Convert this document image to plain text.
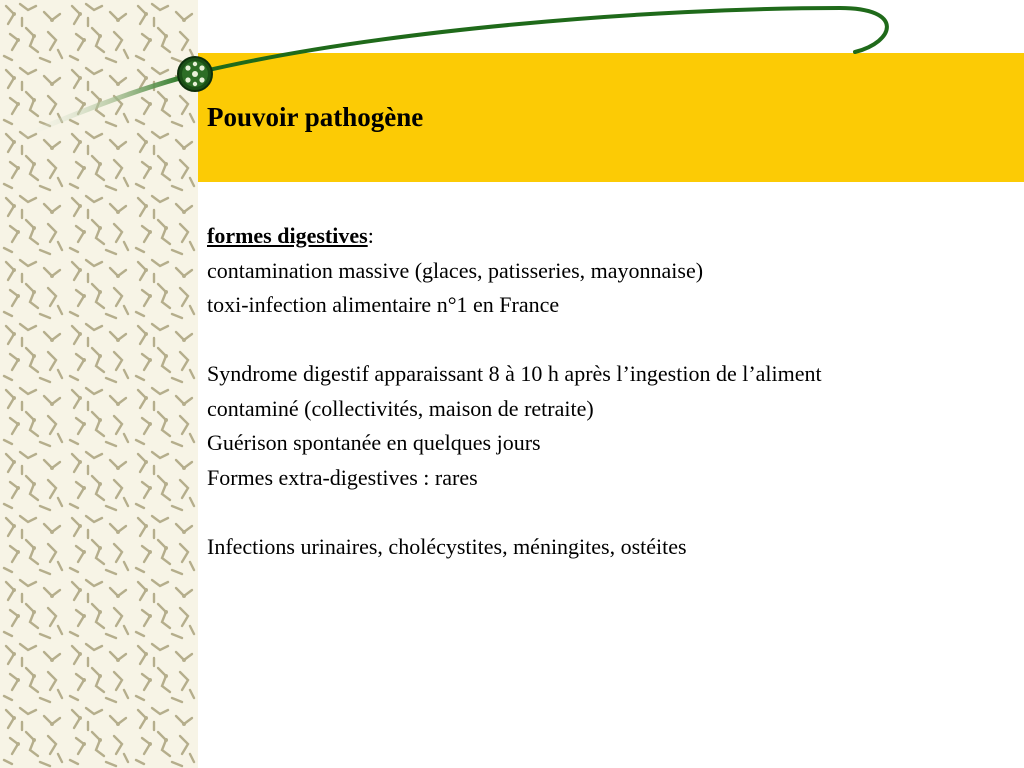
Pouvoir pathogène

formes digestives:

contamination massive (glaces, patisseries, mayonnaise)

toxi-infection alimentaire n°1 en France

Syndrome digestif apparaissant 8 à 10 h après l’ingestion de l’aliment

contaminé (collectivités, maison de retraite)

Guérison spontanée en quelques jours

Formes extra-digestives : rares

Infections urinaires, cholécystites, méningites, ostéites
